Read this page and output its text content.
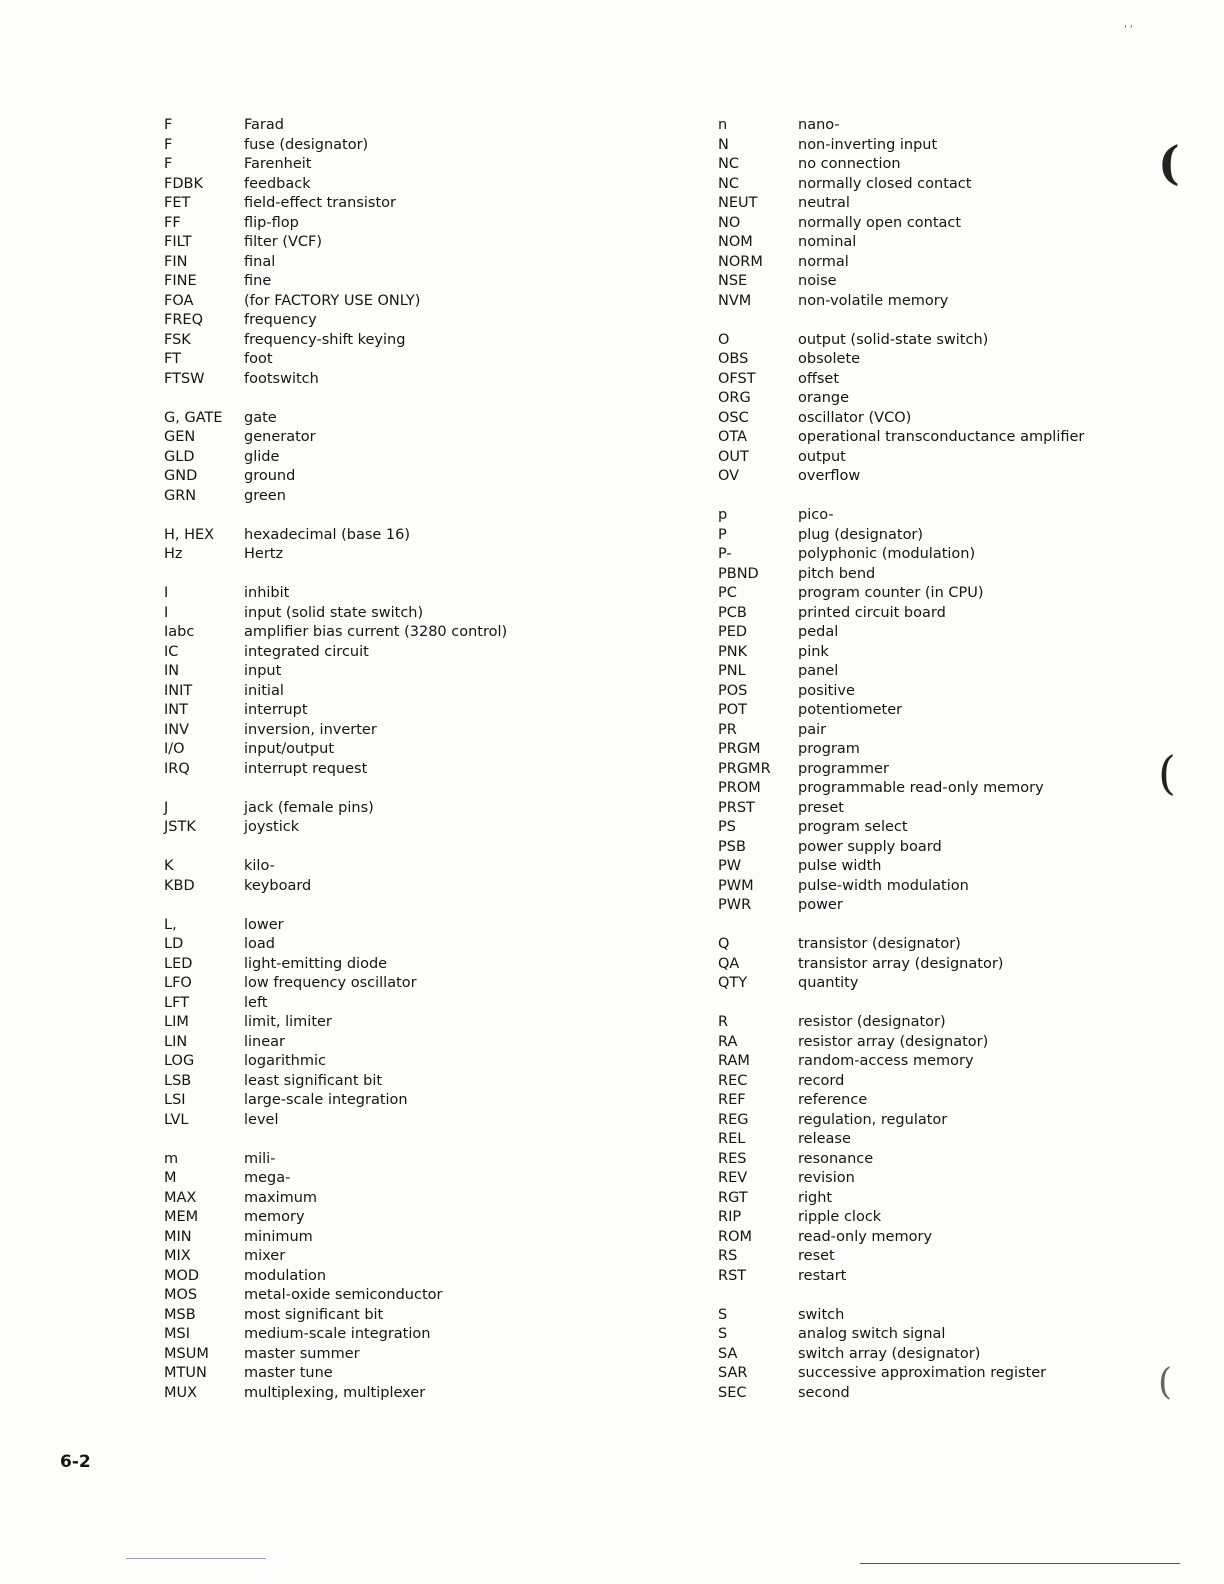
F	Farad
F	fuse (designator)
F	Farenheit
FDBK	feedback
FET	field-effect transistor
FF	flip-flop
FILT	filter (VCF)
FIN	final
FINE	fine
FOA	(for FACTORY USE ONLY)
FREQ	frequency
FSK	frequency-shift keying
FT	foot
FTSW	footswitch
G, GATE	gate
GEN	generator
GLD	glide
GND	ground
GRN	green
H, HEX	hexadecimal (base 16)
Hz	Hertz
I	inhibit
I	input (solid state switch)
Iabc	amplifier bias current (3280 control)
IC	integrated circuit
IN	input
INIT	initial
INT	interrupt
INV	inversion, inverter
I/O	input/output
IRQ	interrupt request
J	jack (female pins)
JSTK	joystick
K	kilo-
KBD	keyboard
L,	lower
LD	load
LED	light-emitting diode
LFO	low frequency oscillator
LFT	left
LIM	limit, limiter
LIN	linear
LOG	logarithmic
LSB	least significant bit
LSI	large-scale integration
LVL	level
m	mili-
M	mega-
MAX	maximum
MEM	memory
MIN	minimum
MIX	mixer
MOD	modulation
MOS	metal-oxide semiconductor
MSB	most significant bit
MSI	medium-scale integration
MSUM	master summer
MTUN	master tune
MUX	multiplexing, multiplexer
n	nano-
N	non-inverting input
NC	no connection
NC	normally closed contact
NEUT	neutral
NO	normally open contact
NOM	nominal
NORM	normal
NSE	noise
NVM	non-volatile memory
O	output (solid-state switch)
OBS	obsolete
OFST	offset
ORG	orange
OSC	oscillator (VCO)
OTA	operational transconductance amplifier
OUT	output
OV	overflow
p	pico-
P	plug (designator)
P-	polyphonic (modulation)
PBND	pitch bend
PC	program counter (in CPU)
PCB	printed circuit board
PED	pedal
PNK	pink
PNL	panel
POS	positive
POT	potentiometer
PR	pair
PRGM	program
PRGMR	programmer
PROM	programmable read-only memory
PRST	preset
PS	program select
PSB	power supply board
PW	pulse width
PWM	pulse-width modulation
PWR	power
Q	transistor (designator)
QA	transistor array (designator)
QTY	quantity
R	resistor (designator)
RA	resistor array (designator)
RAM	random-access memory
REC	record
REF	reference
REG	regulation, regulator
REL	release
RES	resonance
REV	revision
RGT	right
RIP	ripple clock
ROM	read-only memory
RS	reset
RST	restart
S	switch
S	analog switch signal
SA	switch array (designator)
SAR	successive approximation register
SEC	second
6-2
(
(
(
' '
